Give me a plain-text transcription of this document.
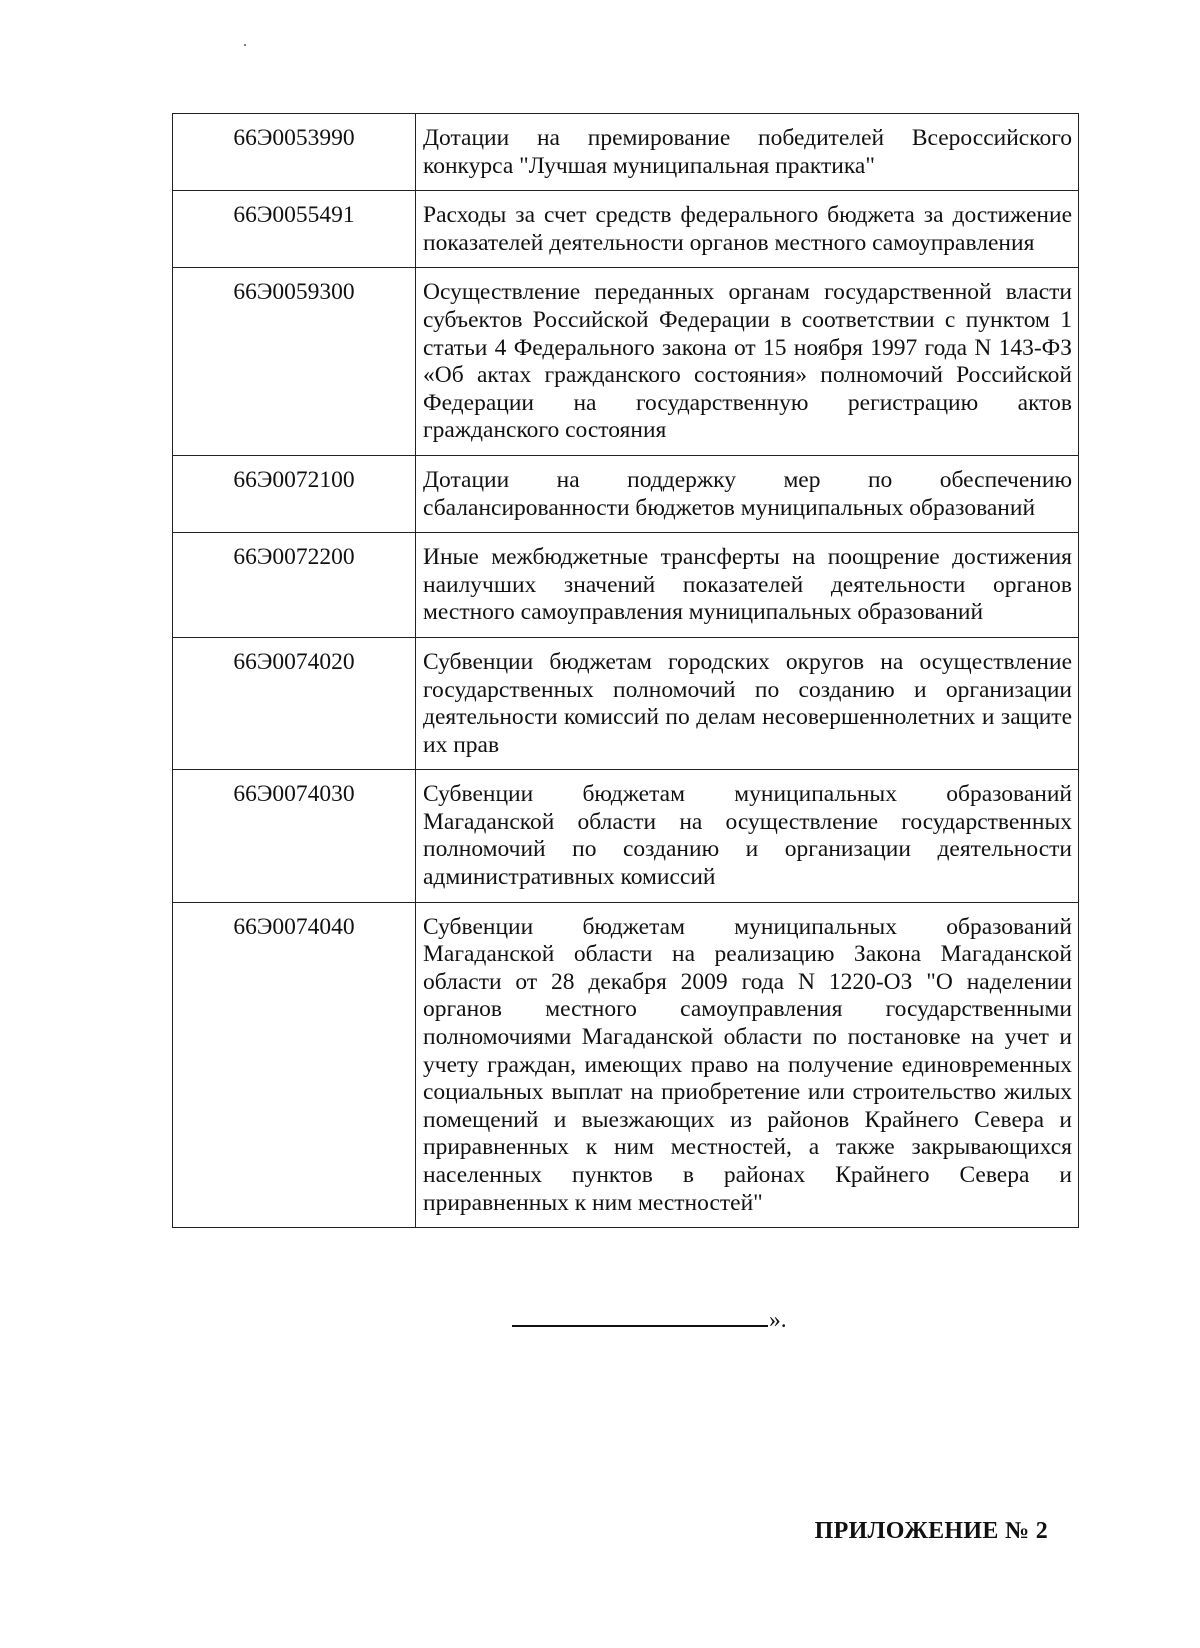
66Э0053990	Дотации на премирование победителей Всероссийского конкурса "Лучшая муниципальная практика"
66Э0055491	Расходы за счет средств федерального бюджета за достижение показателей деятельности органов местного самоуправления
66Э0059300	Осуществление переданных органам государственной власти субъектов Российской Федерации в соответствии с пунктом 1 статьи 4 Федерального закона от 15 ноября 1997 года N 143-ФЗ «Об актах гражданского состояния» полномочий Российской Федерации на государственную регистрацию актов гражданского состояния
66Э0072100	Дотации на поддержку мер по обеспечению сбалансированности бюджетов муниципальных образований
66Э0072200	Иные межбюджетные трансферты на поощрение достижения наилучших значений показателей деятельности органов местного самоуправления муниципальных образований
66Э0074020	Субвенции бюджетам городских округов на осуществление государственных полномочий по созданию и организации деятельности комиссий по делам несовершеннолетних и защите их прав
66Э0074030	Субвенции бюджетам муниципальных образований Магаданской области на осуществление государственных полномочий по созданию и организации деятельности административных комиссий
66Э0074040	Субвенции бюджетам муниципальных образований Магаданской области на реализацию Закона Магаданской области от 28 декабря 2009 года N 1220-ОЗ "О наделении органов местного самоуправления государственными полномочиями Магаданской области по постановке на учет и учету граждан, имеющих право на получение единовременных социальных выплат на приобретение или строительство жилых помещений и выезжающих из районов Крайнего Севера и приравненных к ним местностей, а также закрывающихся населенных пунктов в районах Крайнего Севера и приравненных к ним местностей"
».
ПРИЛОЖЕНИЕ № 2
